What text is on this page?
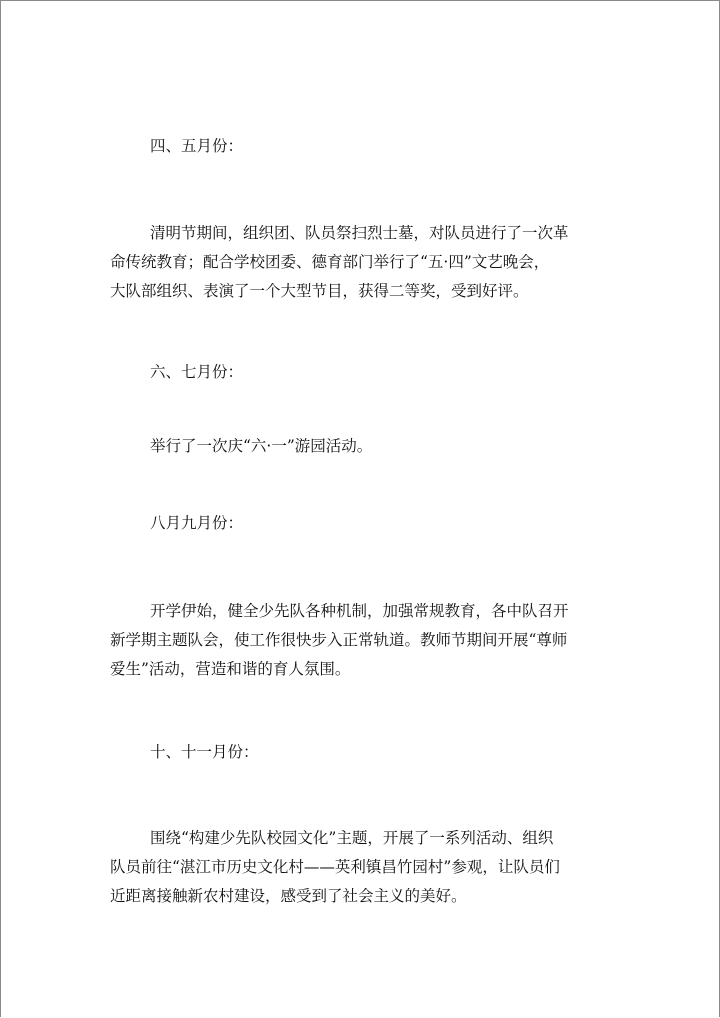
四、五月份：
清明节期间，组织团、队员祭扫烈士墓，对队员进行了一次革
命传统教育；配合学校团委、德育部门举行了“五·四”文艺晚会，
大队部组织、表演了一个大型节目，获得二等奖，受到好评。
六、七月份：
举行了一次庆“六·一”游园活动。
八月九月份：
开学伊始，健全少先队各种机制，加强常规教育，各中队召开
新学期主题队会，使工作很快步入正常轨道。教师节期间开展“尊师
爱生”活动，营造和谐的育人氛围。
十、十一月份：
围绕“构建少先队校园文化”主题，开展了一系列活动、组织
队员前往“湛江市历史文化村——英利镇昌竹园村”参观，让队员们
近距离接触新农村建设，感受到了社会主义的美好。
